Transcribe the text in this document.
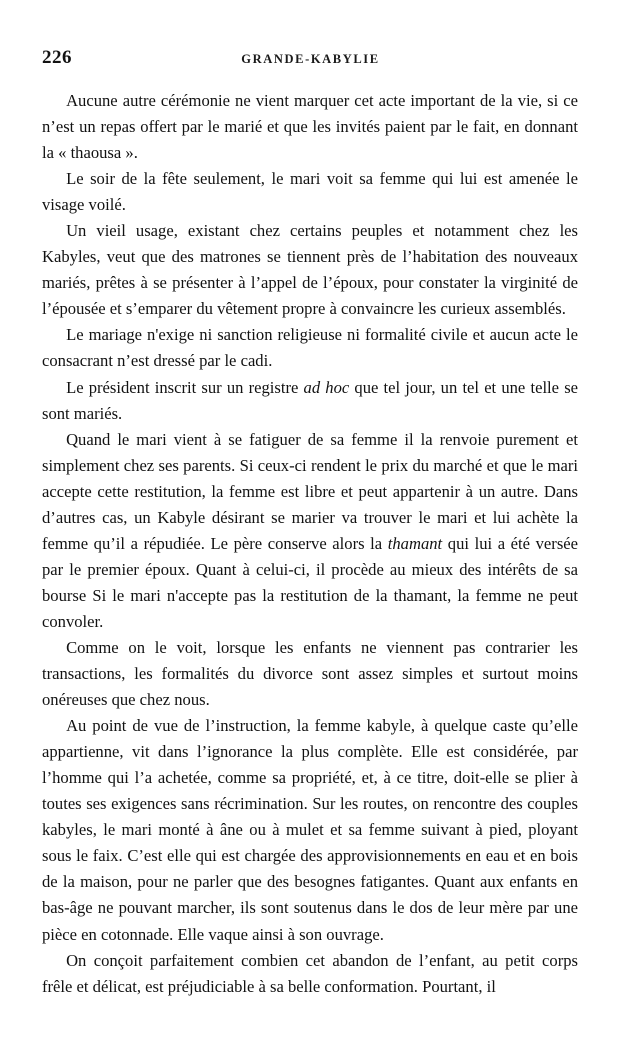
226	GRANDE-KABYLIE

Aucune autre cérémonie ne vient marquer cet acte important de la vie, si ce n’est un repas offert par le marié et que les invités paient par le fait, en donnant la « thaousa ».

Le soir de la fête seulement, le mari voit sa femme qui lui est amenée le visage voilé.

Un vieil usage, existant chez certains peuples et notamment chez les Kabyles, veut que des matrones se tiennent près de l’habitation des nouveaux mariés, prêtes à se présenter à l’appel de l’époux, pour constater la virginité de l’épousée et s’emparer du vêtement propre à convaincre les curieux assemblés.

Le mariage n'exige ni sanction religieuse ni formalité civile et aucun acte le consacrant n’est dressé par le cadi.

Le président inscrit sur un registre ad hoc que tel jour, un tel et une telle se sont mariés.

Quand le mari vient à se fatiguer de sa femme il la renvoie purement et simplement chez ses parents. Si ceux-ci rendent le prix du marché et que le mari accepte cette restitution, la femme est libre et peut appartenir à un autre. Dans d’autres cas, un Kabyle désirant se marier va trouver le mari et lui achète la femme qu’il a répudiée. Le père conserve alors la thamant qui lui a été versée par le premier époux. Quant à celui-ci, il procède au mieux des intérêts de sa bourse Si le mari n'accepte pas la restitution de la thamant, la femme ne peut convoler.

Comme on le voit, lorsque les enfants ne viennent pas contrarier les transactions, les formalités du divorce sont assez simples et surtout moins onéreuses que chez nous.

Au point de vue de l’instruction, la femme kabyle, à quelque caste qu’elle appartienne, vit dans l’ignorance la plus complète. Elle est considérée, par l’homme qui l’a achetée, comme sa propriété, et, à ce titre, doit-elle se plier à toutes ses exigences sans récrimination. Sur les routes, on rencontre des couples kabyles, le mari monté à âne ou à mulet et sa femme suivant à pied, ployant sous le faix. C’est elle qui est chargée des approvisionnements en eau et en bois de la maison, pour ne parler que des besognes fatigantes. Quant aux enfants en bas-âge ne pouvant marcher, ils sont soutenus dans le dos de leur mère par une pièce en cotonnade. Elle vaque ainsi à son ouvrage.

On conçoit parfaitement combien cet abandon de l’enfant, au petit corps frêle et délicat, est préjudiciable à sa belle conformation. Pourtant, il
